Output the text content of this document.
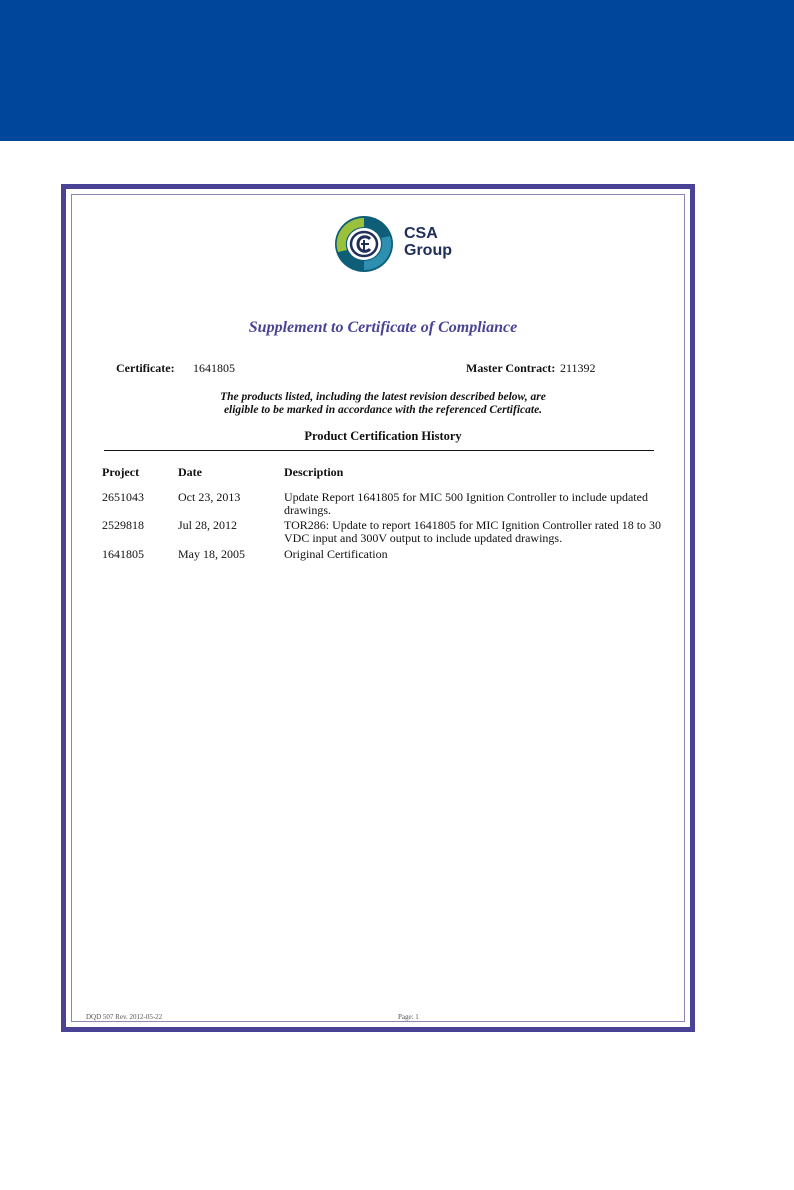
CSA
Group
Supplement to Certificate of Compliance
Certificate: 1641805	Master Contract: 211392
The products listed, including the latest revision described below, are
eligible to be marked in accordance with the referenced Certificate.
Product Certification History
Project	Date	Description
2651043	Oct 23, 2013	Update Report 1641805 for MIC 500 Ignition Controller to include updated
drawings.
2529818	Jul 28, 2012	TOR286: Update to report 1641805 for MIC Ignition Controller rated 18 to 30
VDC input and 300V output to include updated drawings.
1641805	May 18, 2005	Original Certification
DQD 507 Rev. 2012-05-22	Page: 1
